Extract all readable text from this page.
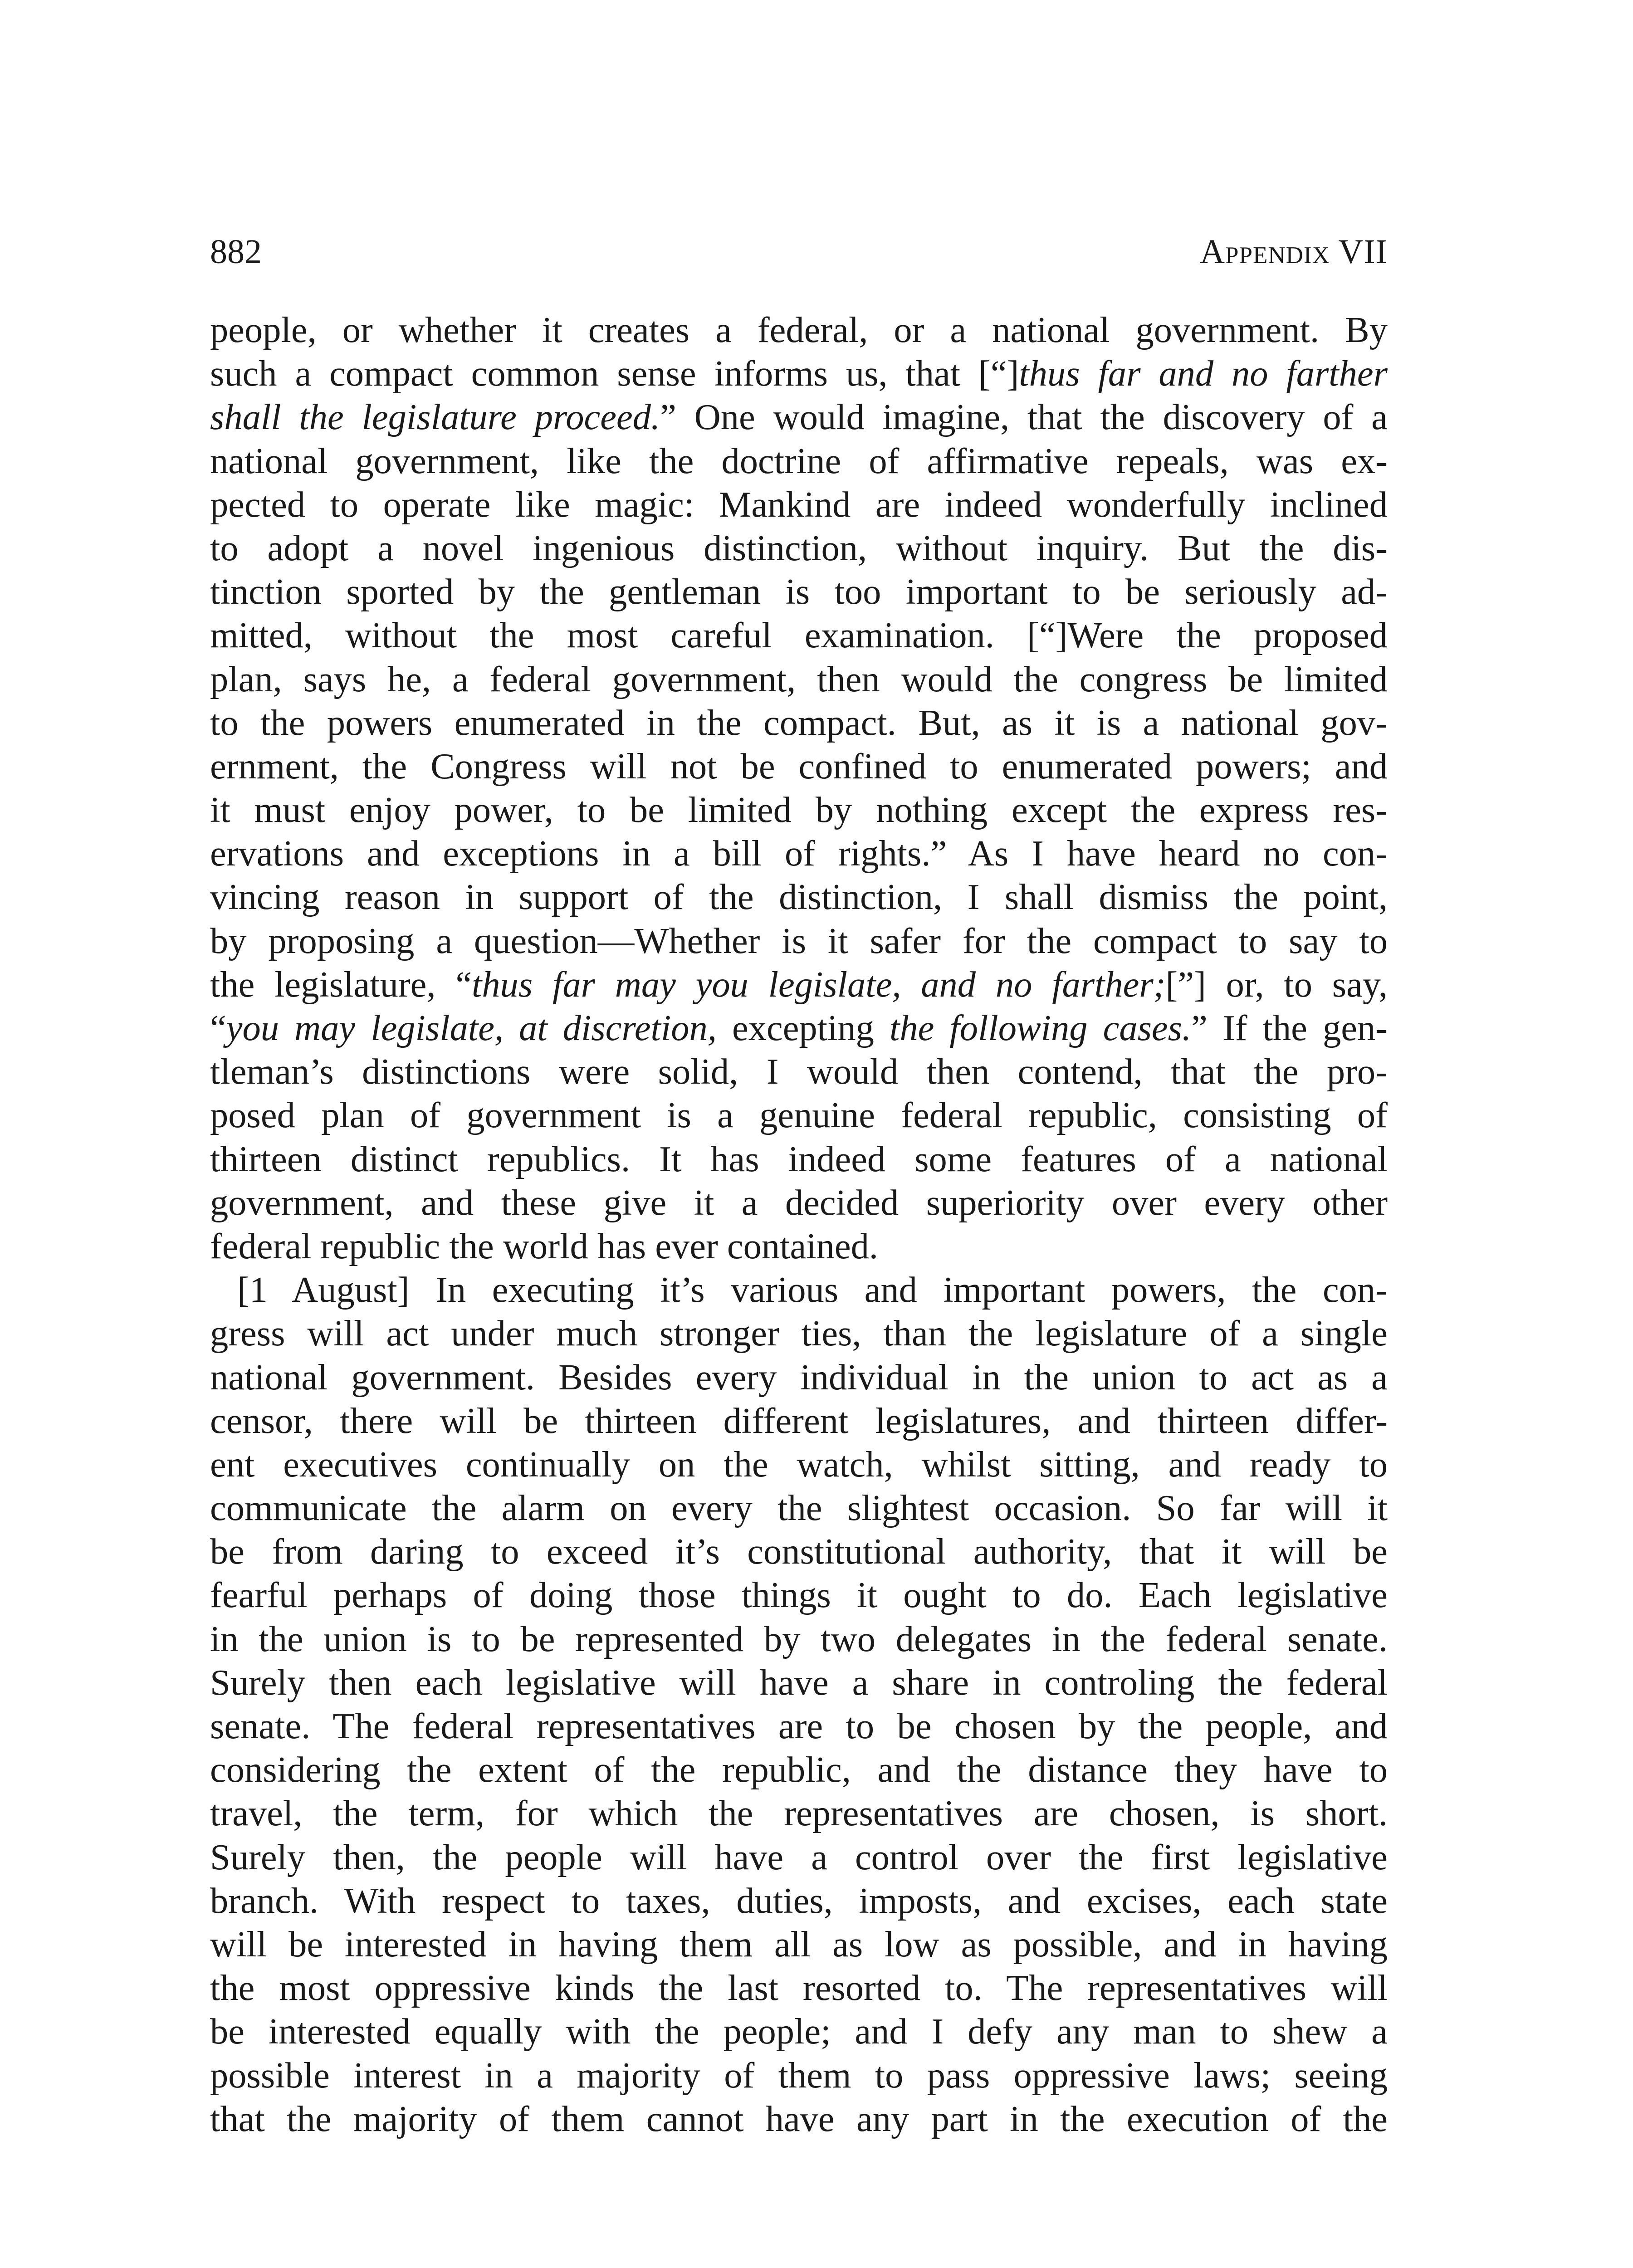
882	Appendix VII
people, or whether it creates a federal, or a national government. By
such a compact common sense informs us, that [“]thus far and no farther
shall the legislature proceed.” One would imagine, that the discovery of a
national government, like the doctrine of affirmative repeals, was ex-
pected to operate like magic: Mankind are indeed wonderfully inclined
to adopt a novel ingenious distinction, without inquiry. But the dis-
tinction sported by the gentleman is too important to be seriously ad-
mitted, without the most careful examination. [“]Were the proposed
plan, says he, a federal government, then would the congress be limited
to the powers enumerated in the compact. But, as it is a national gov-
ernment, the Congress will not be confined to enumerated powers; and
it must enjoy power, to be limited by nothing except the express res-
ervations and exceptions in a bill of rights.” As I have heard no con-
vincing reason in support of the distinction, I shall dismiss the point,
by proposing a question—Whether is it safer for the compact to say to
the legislature, “thus far may you legislate, and no farther;[”] or, to say,
“you may legislate, at discretion, excepting the following cases.” If the gen-
tleman’s distinctions were solid, I would then contend, that the pro-
posed plan of government is a genuine federal republic, consisting of
thirteen distinct republics. It has indeed some features of a national
government, and these give it a decided superiority over every other
federal republic the world has ever contained.
[1 August] In executing it’s various and important powers, the con-
gress will act under much stronger ties, than the legislature of a single
national government. Besides every individual in the union to act as a
censor, there will be thirteen different legislatures, and thirteen differ-
ent executives continually on the watch, whilst sitting, and ready to
communicate the alarm on every the slightest occasion. So far will it
be from daring to exceed it’s constitutional authority, that it will be
fearful perhaps of doing those things it ought to do. Each legislative
in the union is to be represented by two delegates in the federal senate.
Surely then each legislative will have a share in controling the federal
senate. The federal representatives are to be chosen by the people, and
considering the extent of the republic, and the distance they have to
travel, the term, for which the representatives are chosen, is short.
Surely then, the people will have a control over the first legislative
branch. With respect to taxes, duties, imposts, and excises, each state
will be interested in having them all as low as possible, and in having
the most oppressive kinds the last resorted to. The representatives will
be interested equally with the people; and I defy any man to shew a
possible interest in a majority of them to pass oppressive laws; seeing
that the majority of them cannot have any part in the execution of the
